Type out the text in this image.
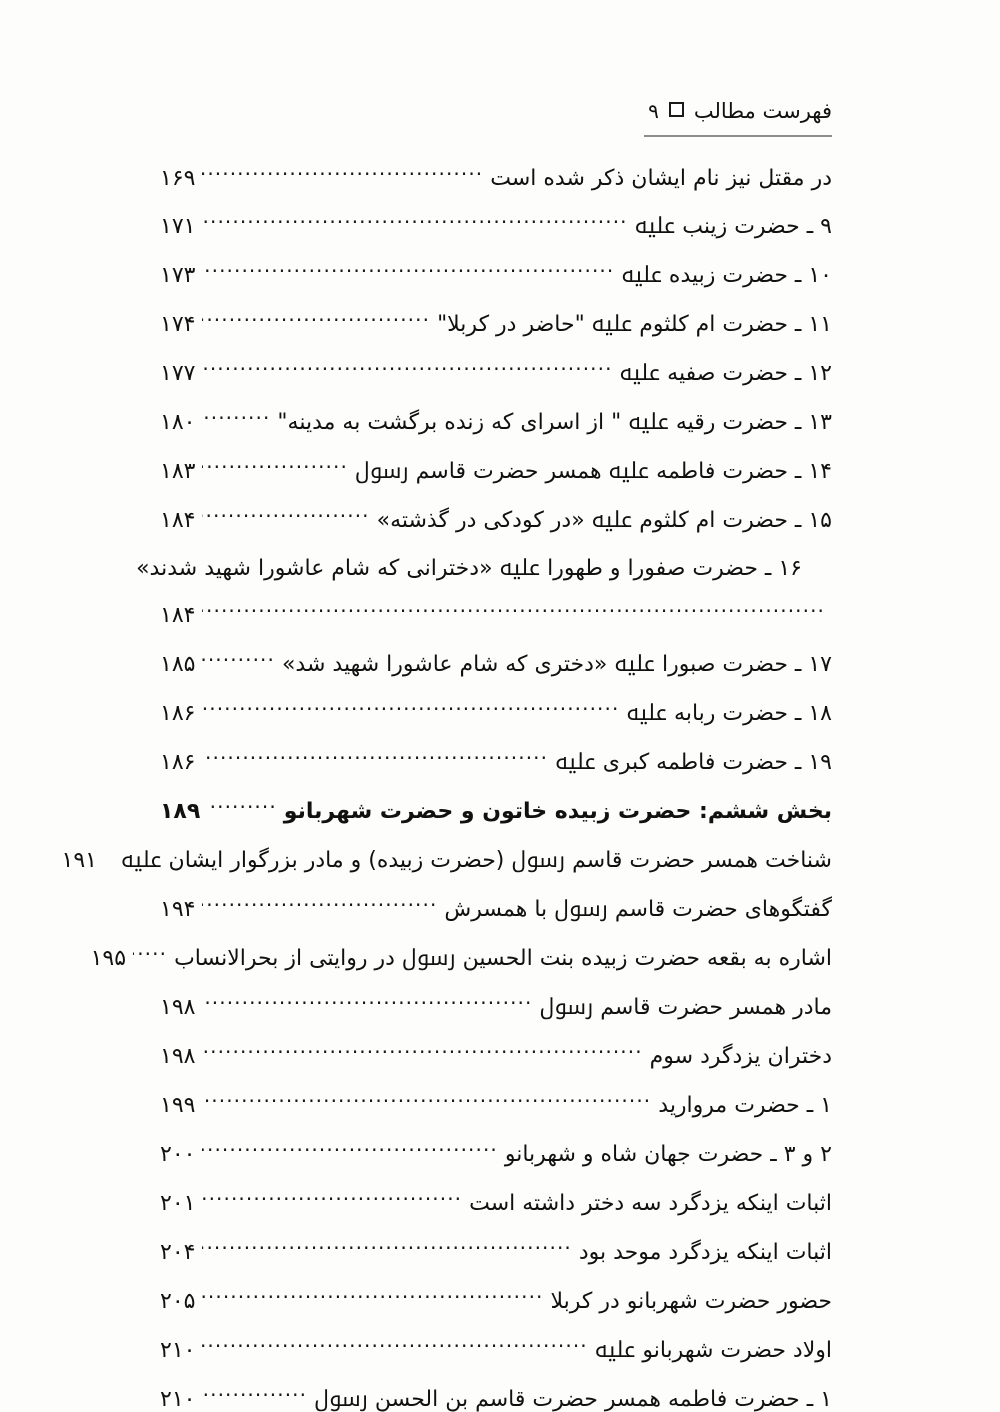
فهرست مطالب
۹
در مقتل نیز نام ایشان ذکر شده است
.....
۱۶۹
۹ ـ حضرت زینب ﷷ
.....
۱۷۱
۱۰ ـ حضرت زبیده ﷷ
.....
۱۷۳
۱۱ ـ حضرت ام کلثوم ﷷ "حاضر در کربلا"
.....
۱۷۴
۱۲ ـ حضرت صفیه ﷷ
.....
۱۷۷
۱۳ ـ حضرت رقیه ﷷ " از اسرای که زنده برگشت به مدینه"
.....
۱۸۰
۱۴ ـ حضرت فاطمه ﷷ همسر حضرت قاسم ﷶ
.....
۱۸۳
۱۵ ـ حضرت ام کلثوم ﷷ «در کودکی در گذشته»
.....
۱۸۴
۱۶ ـ حضرت صفورا و طهورا ﷷ «دخترانی که شام عاشورا شهید شدند»
.....
۱۸۴
۱۷ ـ حضرت صبورا ﷷ «دختری که شام عاشورا شهید شد»
.....
۱۸۵
۱۸ ـ حضرت ربابه ﷷ
.....
۱۸۶
۱۹ ـ حضرت فاطمه کبری ﷷ
.....
۱۸۶
بخش ششم: حضرت زبیده خاتون و حضرت شهربانو
.....
۱۸۹
شناخت همسر حضرت قاسم ﷶ (حضرت زبیده) و مادر بزرگوار ایشان ﷷ
۱۹۱
گفتگوهای حضرت قاسم ﷶ با همسرش
.....
۱۹۴
اشاره به بقعه حضرت زبیده بنت الحسین ﷶ در روایتی از بحرالانساب
.....
۱۹۵
مادر همسر حضرت قاسم ﷶ
.....
۱۹۸
دختران یزدگرد سوم
.....
۱۹۸
۱ ـ حضرت مروارید
.....
۱۹۹
۲ و ۳ ـ حضرت جهان شاه و شهربانو
.....
۲۰۰
اثبات اینکه یزدگرد سه دختر داشته است
.....
۲۰۱
اثبات اینکه یزدگرد موحد بود
.....
۲۰۴
حضور حضرت شهربانو در کربلا
.....
۲۰۵
اولاد حضرت شهربانو ﷷ
.....
۲۱۰
۱ ـ حضرت فاطمه همسر حضرت قاسم بن الحسن ﷶ
.....
۲۱۰
